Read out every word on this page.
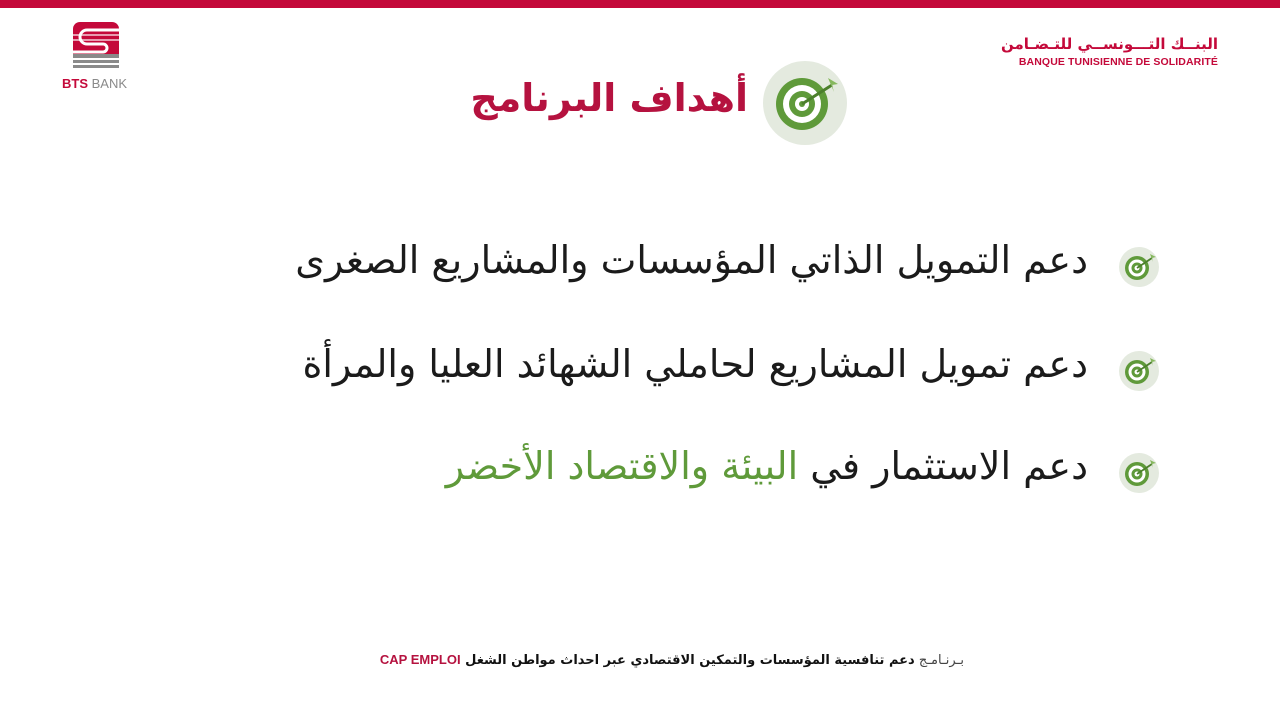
BTS BANK
البنــك التـــونســي للتـضـامن
BANQUE TUNISIENNE DE SOLIDARITÉ
أهداف البرنامج
دعم التمويل الذاتي المؤسسات والمشاريع الصغرى
دعم تمويل المشاريع لحاملي الشهائد العليا والمرأة
دعم الاستثمار في البيئة والاقتصاد الأخضر
بـرنـامـج دعم تنافسية المؤسسات والتمكين الاقتصادي عبر احداث مواطن الشغل CAP EMPLOI
